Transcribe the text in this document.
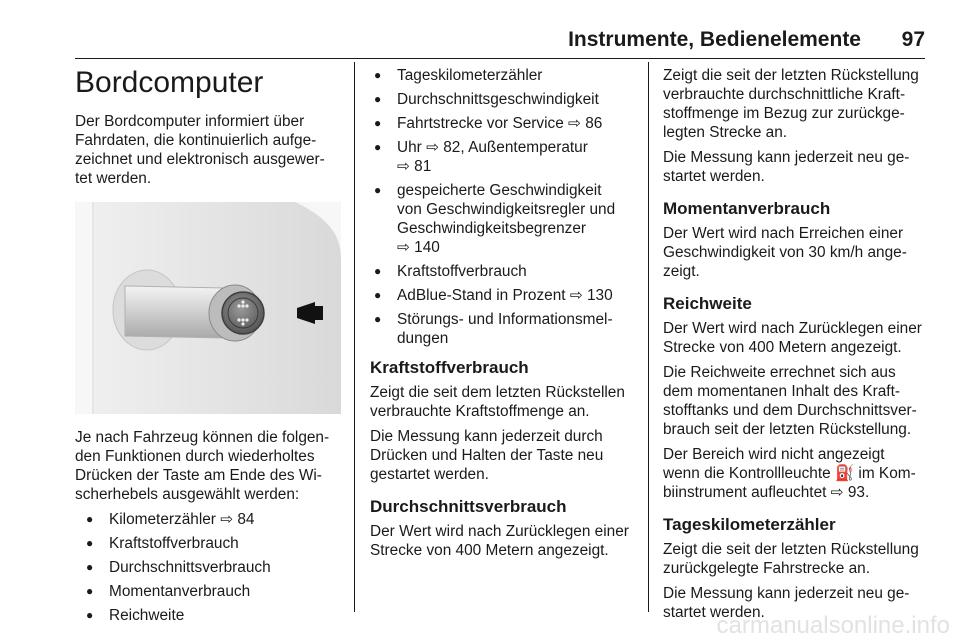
Instrumente, Bedienelemente 97
Bordcomputer

Der Bordcomputer informiert über
Fahrdaten, die kontinuierlich aufge-
zeichnet und elektronisch ausgewer-
tet werden.

Je nach Fahrzeug können die folgen-
den Funktionen durch wiederholtes
Drücken der Taste am Ende des Wi-
scherhebels ausgewählt werden:

● Kilometerzähler ⇨ 84
● Kraftstoffverbrauch
● Durchschnittsverbrauch
● Momentanverbrauch
● Reichweite
● Tageskilometerzähler
● Durchschnittsgeschwindigkeit
● Fahrtstrecke vor Service ⇨ 86
● Uhr ⇨ 82, Außentemperatur
⇨ 81
● gespeicherte Geschwindigkeit
von Geschwindigkeitsregler und
Geschwindigkeitsbegrenzer
⇨ 140
● Kraftstoffverbrauch
● AdBlue-Stand in Prozent ⇨ 130
● Störungs- und Informationsmel-
dungen
Kraftstoffverbrauch

Zeigt die seit dem letzten Rückstellen
verbrauchte Kraftstoffmenge an.

Die Messung kann jederzeit durch
Drücken und Halten der Taste neu
gestartet werden.

Durchschnittsverbrauch

Der Wert wird nach Zurücklegen einer
Strecke von 400 Metern angezeigt.

Zeigt die seit der letzten Rückstellung
verbrauchte durchschnittliche Kraft-
stoffmenge im Bezug zur zurückge-
legten Strecke an.

Die Messung kann jederzeit neu ge-
startet werden.

Momentanverbrauch

Der Wert wird nach Erreichen einer
Geschwindigkeit von 30 km/h ange-
zeigt.

Reichweite

Der Wert wird nach Zurücklegen einer
Strecke von 400 Metern angezeigt.

Die Reichweite errechnet sich aus
dem momentanen Inhalt des Kraft-
stofftanks und dem Durchschnittsver-
brauch seit der letzten Rückstellung.

Der Bereich wird nicht angezeigt
wenn die Kontrollleuchte ⛽ im Kom-
biinstrument aufleuchtet ⇨ 93.

Tageskilometerzähler

Zeigt die seit der letzten Rückstellung
zurückgelegte Fahrstrecke an.

Die Messung kann jederzeit neu ge-
startet werden.

carmanualsonline.info
